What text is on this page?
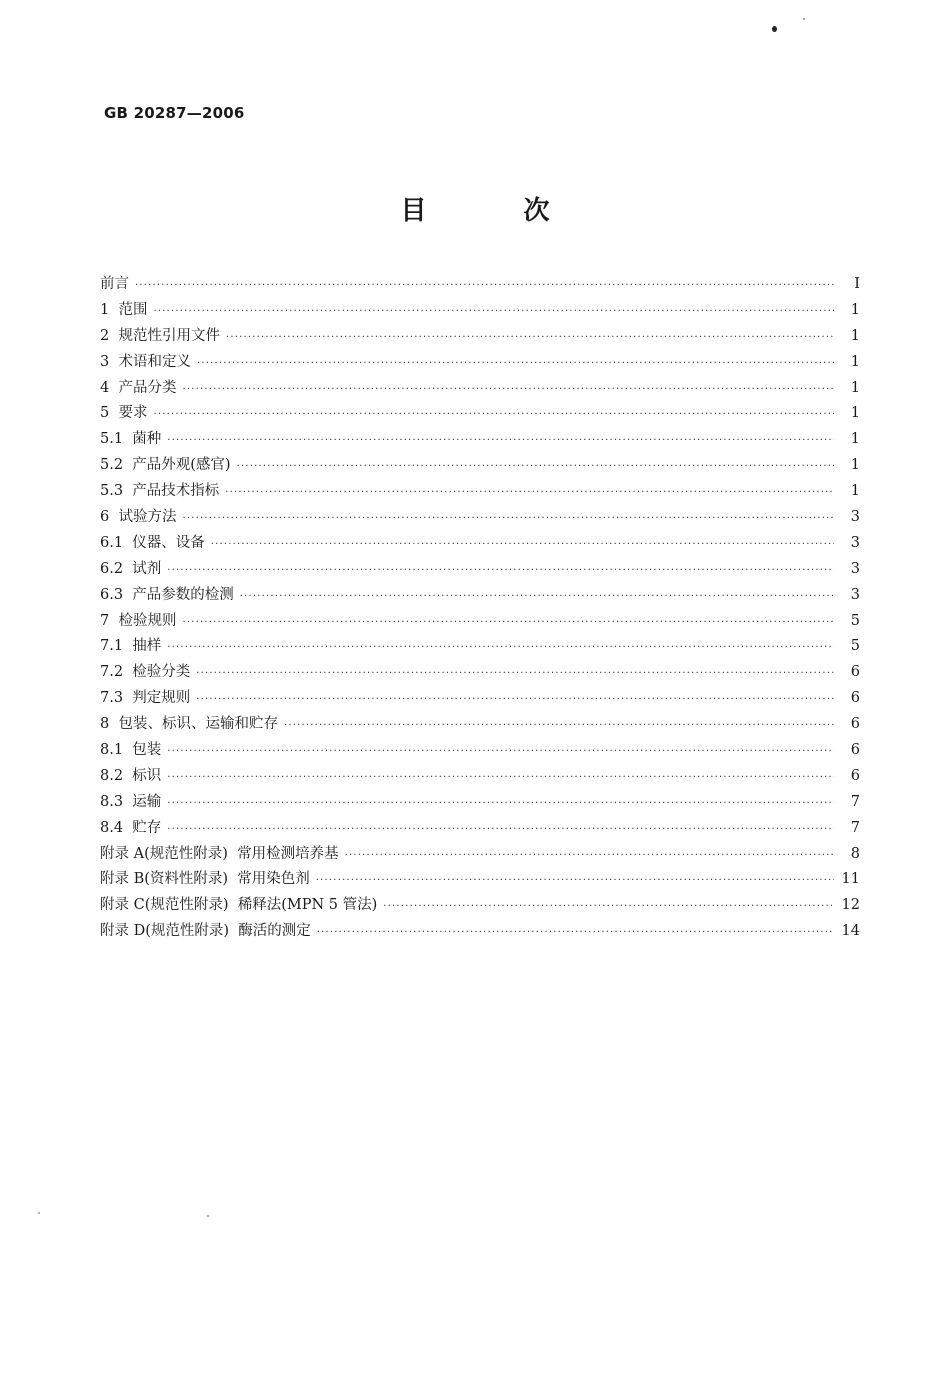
GB 20287—2006
目 次
前言 ·····	I
1  范围 ·····	1
2  规范性引用文件 ·····	1
3  术语和定义 ·····	1
4  产品分类 ·····	1
5  要求 ·····	1
5.1  菌种 ·····	1
5.2  产品外观(感官) ·····	1
5.3  产品技术指标 ·····	1
6  试验方法 ·····	3
6.1  仪器、设备 ·····	3
6.2  试剂 ·····	3
6.3  产品参数的检测 ·····	3
7  检验规则 ·····	5
7.1  抽样 ·····	5
7.2  检验分类 ·····	6
7.3  判定规则 ·····	6
8  包装、标识、运输和贮存 ·····	6
8.1  包装 ·····	6
8.2  标识 ·····	6
8.3  运输 ·····	7
8.4  贮存 ·····	7
附录 A(规范性附录)  常用检测培养基 ·····	8
附录 B(资料性附录)  常用染色剂 ·····	11
附录 C(规范性附录)  稀释法(MPN 5 管法) ·····	12
附录 D(规范性附录)  酶活的测定 ·····	14
